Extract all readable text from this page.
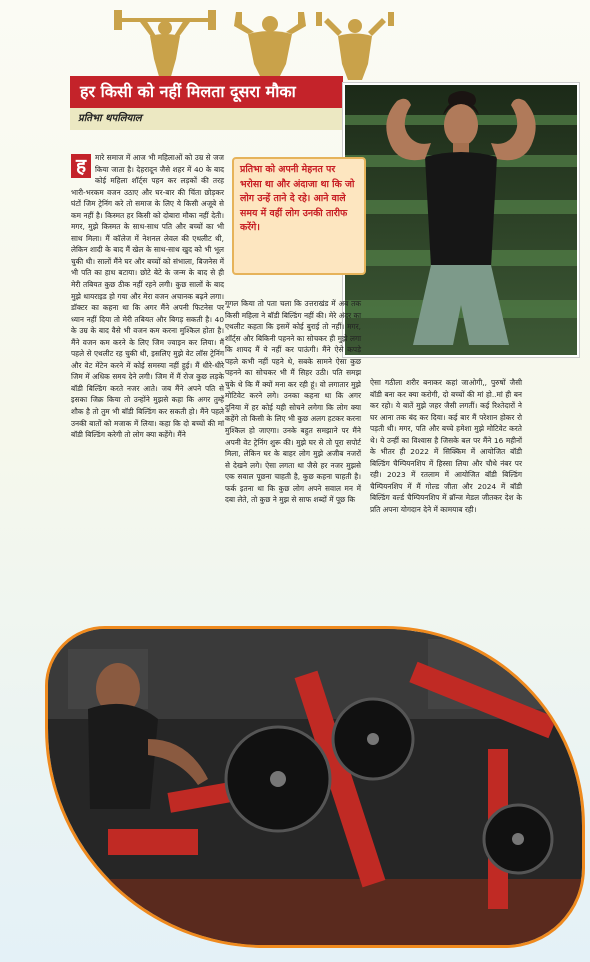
हर किसी को नहीं मिलता दूसरा मौका
प्रतिभा थपलियाल
प्रतिभा को अपनी मेहनत पर भरोसा था और अंदाजा था कि जो लोग उन्हें ताने दे रहे। आने वाले समय में वहीं लोग उनकी तारीफ करेंगे।
ह	मारे समाज में आज भी महिलाओं को उम्र से जज किया जाता है। देहरादून जैसे शहर में 40 के बाद कोई महिला शॉर्ट्स पहन कर लड़कों की तरह भारी-भरकम वजन उठाए और घर-बार की चिंता छोड़कर घंटों जिम ट्रेनिंग करे तो समाज के लिए ये किसी अजूबे से कम नहीं है। किस्मत हर किसी को दोबारा मौका नहीं देती। मगर, मुझे किस्मत के साथ-साथ पति और बच्चों का भी साथ मिला। मैं कॉलेज में नेशनल लेवल की एथलीट थी, लेकिन शादी के बाद मैं खेल के साथ-साथ खुद को भी भूल चुकी थी। सालों मैंने घर और बच्चों को संभाला, बिजनेस में भी पति का हाथ बटाया। छोटे बेटे के जन्म के बाद से ही मेरी तबियत कुछ ठीक नहीं रहने लगी। कुछ सालों के बाद मुझे थायराइड हो गया और मेरा वजन अचानक बढ़ने लगा। डॉक्टर का कहना था कि अगर मैंने अपनी फिटनेस पर ध्यान नहीं दिया तो मेरी तबियत और बिगड़ सकती है। 40 के उम्र के बाद वैसे भी वजन कम करना मुश्किल होता है। मैंने वजन कम करने के लिए जिम ज्वाइन कर लिया। मैं पहले से एथलीट रह चुकी थी, इसलिए मुझे वेट लॉस ट्रेनिंग और वेट मेंटेन करने में कोई समस्या नहीं हुई। मैं धीरे-धीरे जिम में अधिक समय देने लगी। जिम में मैं रोज कुछ लड़के बॉडी बिल्डिंग करते नजर आते। जब मैंने अपने पति से इसका जिक्र किया तो उन्होंने मुझसे कहा कि अगर तुम्हें शौक है तो तुम भी बॉडी बिल्डिंग कर सकती हो। मैंने पहले उनकी बातों को मजाक में लिया। कहा कि दो बच्चों की मां बॉडी बिल्डिंग करेगी तो लोग क्या कहेंगे। मैंने
गूगल किया तो पता चला कि उत्तराखंड में अब तक किसी महिला ने बॉडी बिल्डिंग नहीं की। मेरे अंदर का एथलीट कहता कि इसमें कोई बुराई तो नहीं। मगर, शॉर्ट्स और बिकिनी पहनने का सोचकर ही मुझे लगा कि शायद मैं ये नहीं कर पाऊंगी। मैंने ऐसे कपड़े पहले कभी नहीं पहने थे, सबके सामने ऐसा कुछ पहनने का सोचकर भी मैं सिहर उठी। पति समझ चुके थे कि मैं क्यों मना कर रही हूं। वो लगातार मुझे मोटिवेट करने लगे। उनका कहना था कि अगर दुनिया में हर कोई यही सोचने लगेगा कि लोग क्या कहेंगे तो किसी के लिए भी कुछ अलग हटकर करना मुश्किल हो जाएगा। उनके बहुत समझाने पर मैंने अपनी वेट ट्रेनिंग शुरू की। मुझे घर से तो पूरा सपोर्ट मिला, लेकिन घर के बाहर लोग मुझे अजीब नजरों से देखने लगे। ऐसा लगता था जैसे हर नजर मुझसे एक सवाल पूछना चाहती है, कुछ कहना चाहती है। फर्क इतना था कि कुछ लोग अपने सवाल मन में दबा लेते, तो कुछ ने मुझ से साफ शब्दों में पूछ कि
ऐसा गठीला शरीर बनाकर कहां जाओगी,, पुरुषों जैसी बॉडी बना कर क्या करोगी, दो बच्चों की मां हो..मां ही बन कर रहो। ये बातें मुझे जहर जैसी लगतीं। कई रिश्तेदारों ने घर आना तक बंद कर दिया। कई बार मैं परेशान होकर रो पड़ती थी। मगर, पति और बच्चे हमेशा मुझे मोटिवेट करते थे। ये उन्हीं का विश्वास है जिसके बल पर मैंने 16 महीनों के भीतर ही 2022 में सिक्किम में आयोजित बॉडी बिल्डिंग चैम्पियनशिप में हिस्सा लिया और चौथे नंबर पर रही। 2023 में रतलाम में आयोजित बॉडी बिल्डिंग चैम्पियनशिप में मैं गोल्ड जीता और 2024 में बॉडी बिल्डिंग वर्ल्ड चैम्पियनशिप में ब्रॉन्ज मेडल जीतकर देश के प्रति अपना योगदान देने में कामयाब रही।
